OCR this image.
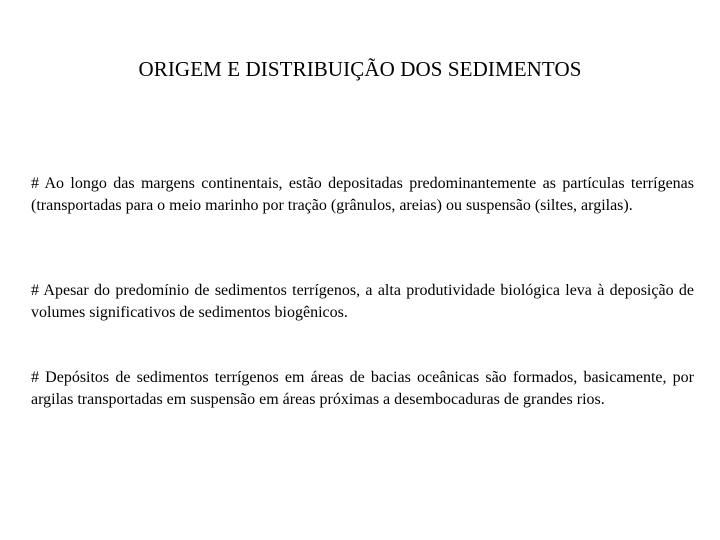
ORIGEM E DISTRIBUIÇÃO DOS SEDIMENTOS

# Ao longo das margens continentais, estão depositadas predominantemente as partículas terrígenas (transportadas para o meio marinho por tração (grânulos, areias) ou suspensão (siltes, argilas).

# Apesar do predomínio de sedimentos terrígenos, a alta produtividade biológica leva à deposição de volumes significativos de sedimentos biogênicos.

# Depósitos de sedimentos terrígenos em áreas de bacias oceânicas são formados, basicamente, por argilas transportadas em suspensão em áreas próximas a desembocaduras de grandes rios.
